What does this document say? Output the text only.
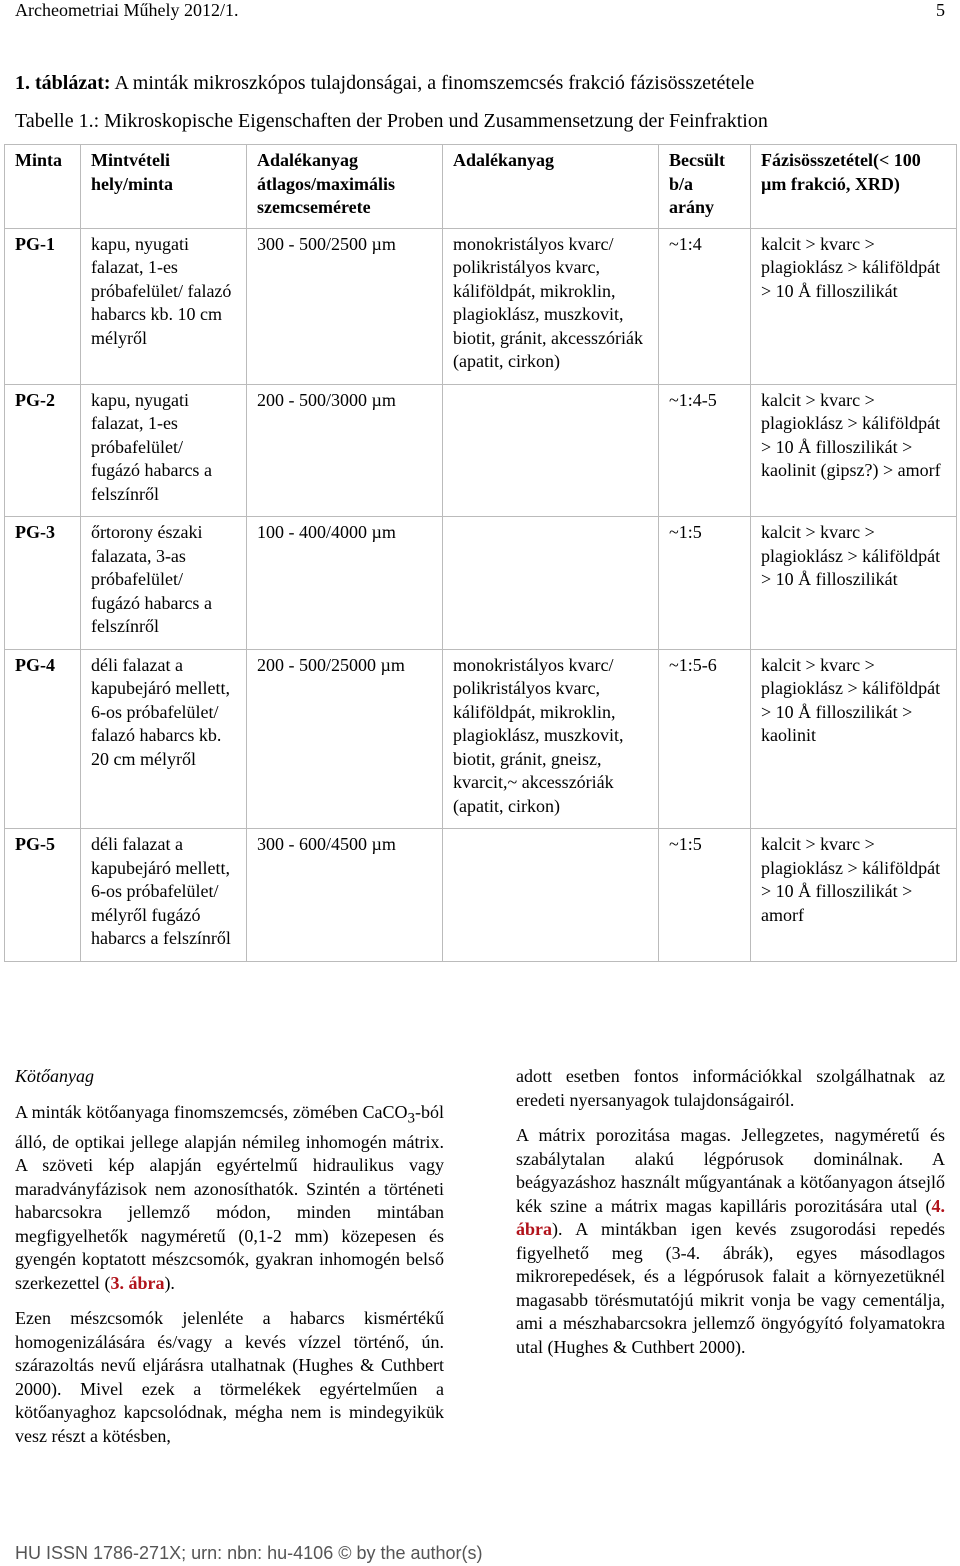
Archeometriai Műhely 2012/1.	5
1. táblázat: A minták mikroszkópos tulajdonságai, a finomszemcsés frakció fázisösszetétele
Tabelle 1.: Mikroskopische Eigenschaften der Proben und Zusammensetzung der Feinfraktion
Minta	Mintvételi hely/minta	Adalékanyag átlagos/maximális szemcsemérete	Adalékanyag	Becsült b/a arány	Fázisösszetétel(< 100 µm frakció, XRD)
PG-1	kapu, nyugati falazat, 1-es próbafelület/ falazó habarcs kb. 10 cm mélyről	300 - 500/2500 µm	monokristályos kvarc/ polikristályos kvarc, káliföldpát, mikroklin, plagioklász, muszkovit, biotit, gránit, akcesszóriák (apatit, cirkon)	~1:4	kalcit > kvarc > plagioklász > káliföldpát > 10 Å filloszilikát
PG-2	kapu, nyugati falazat, 1-es próbafelület/ fugázó habarcs a felszínről	200 - 500/3000 µm		~1:4-5	kalcit > kvarc > plagioklász > káliföldpát > 10 Å filloszilikát > kaolinit (gipsz?) > amorf
PG-3	őrtorony északi falazata, 3-as próbafelület/ fugázó habarcs a felszínről	100 - 400/4000 µm		~1:5	kalcit > kvarc > plagioklász > káliföldpát > 10 Å filloszilikát
PG-4	déli falazat a kapubejáró mellett, 6-os próbafelület/ falazó habarcs kb. 20 cm mélyről	200 - 500/25000 µm	monokristályos kvarc/ polikristályos kvarc, káliföldpát, mikroklin, plagioklász, muszkovit, biotit, gránit, gneisz, kvarcit,~ akcesszóriák (apatit, cirkon)	~1:5-6	kalcit > kvarc > plagioklász > káliföldpát > 10 Å filloszilikát > kaolinit
PG-5	déli falazat a kapubejáró mellett, 6-os próbafelület/ mélyről fugázó habarcs a felszínről	300 - 600/4500 µm		~1:5	kalcit > kvarc > plagioklász > káliföldpát > 10 Å filloszilikát > amorf
Kötőanyag

A minták kötőanyaga finomszemcsés, zömében CaCO$_3$-ból álló, de optikai jellege alapján némileg inhomogén mátrix. A szöveti kép alapján egyértelmű hidraulikus vagy maradványfázisok nem azonosíthatók. Szintén a történeti habarcsokra jellemző módon, minden mintában megfigyelhetők nagyméretű (0,1-2 mm) közepesen és gyengén koptatott mészcsomók, gyakran inhomogén belső szerkezettel (3. ábra).

Ezen mészcsomók jelenléte a habarcs kismértékű homogenizálására és/vagy a kevés vízzel történő, ún. szárazoltás nevű eljárásra utalhatnak (Hughes & Cuthbert 2000). Mivel ezek a törmelékek egyértelműen a kötőanyaghoz kapcsolódnak, mégha nem is mindegyikük vesz részt a kötésben,

adott esetben fontos információkkal szolgálhatnak az eredeti nyersanyagok tulajdonságairól.

A mátrix porozitása magas. Jellegzetes, nagyméretű és szabálytalan alakú légpórusok dominálnak. A beágyazáshoz használt műgyantának a kötőanyagon átsejlő kék szine a mátrix magas kapilláris porozitására utal (4. ábra). A mintákban igen kevés zsugorodási repedés figyelhető meg (3-4. ábrák), egyes másodlagos mikrorepedések, és a légpórusok falait a környezetüknél magasabb törésmutatójú mikrit vonja be vagy cementálja, ami a mészhabarcsokra jellemző öngyógyító folyamatokra utal (Hughes & Cuthbert 2000).

HU ISSN 1786-271X; urn: nbn: hu-4106 © by the author(s)
